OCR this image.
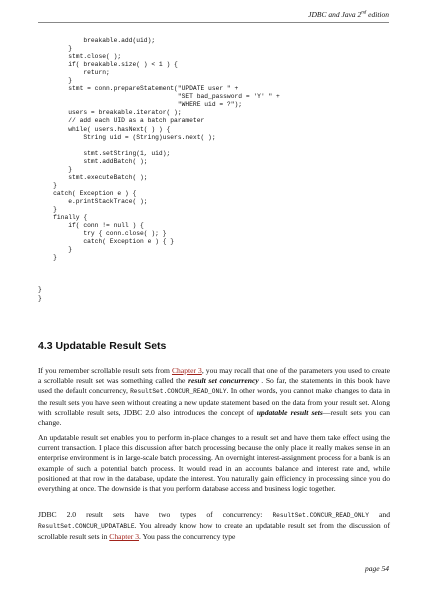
JDBC and Java 2nd edition
breakable.add(uid);
}
stmt.close( );
if( breakable.size( ) < 1 ) {
return;
}
stmt = conn.prepareStatement("UPDATE user " +
"SET bad_password = 'Y' " +
"WHERE uid = ?");
users = breakable.iterator( );
// add each UID as a batch parameter
while( users.hasNext( ) ) {
String uid = (String)users.next( );

stmt.setString(1, uid);
stmt.addBatch( );
}
stmt.executeBatch( );
}
catch( Exception e ) {
e.printStackTrace( );
}
finally {
if( conn != null ) {
try { conn.close( ); }
catch( Exception e ) { }
}
}

}
}
4.3 Updatable Result Sets

If you remember scrollable result sets from Chapter 3, you may recall that one of the parameters you used to create a scrollable result set was something called the result set concurrency . So far, the statements in this book have used the default concurrency, ResultSet.CONCUR_READ_ONLY. In other words, you cannot make changes to data in the result sets you have seen without creating a new update statement based on the data from your result set. Along with scrollable result sets, JDBC 2.0 also introduces the concept of updatable result sets—result sets you can change.

An updatable result set enables you to perform in-place changes to a result set and have them take effect using the current transaction. I place this discussion after batch processing because the only place it really makes sense in an enterprise environment is in large-scale batch processing. An overnight interest-assignment process for a bank is an example of such a potential batch process. It would read in an accounts balance and interest rate and, while positioned at that row in the database, update the interest. You naturally gain efficiency in processing since you do everything at once. The downside is that you perform database access and business logic together.

JDBC 2.0 result sets have two types of concurrency: ResultSet.CONCUR_READ_ONLY and ResultSet.CONCUR_UPDATABLE. You already know how to create an updatable result set from the discussion of scrollable result sets in Chapter 3. You pass the concurrency type

page 54
